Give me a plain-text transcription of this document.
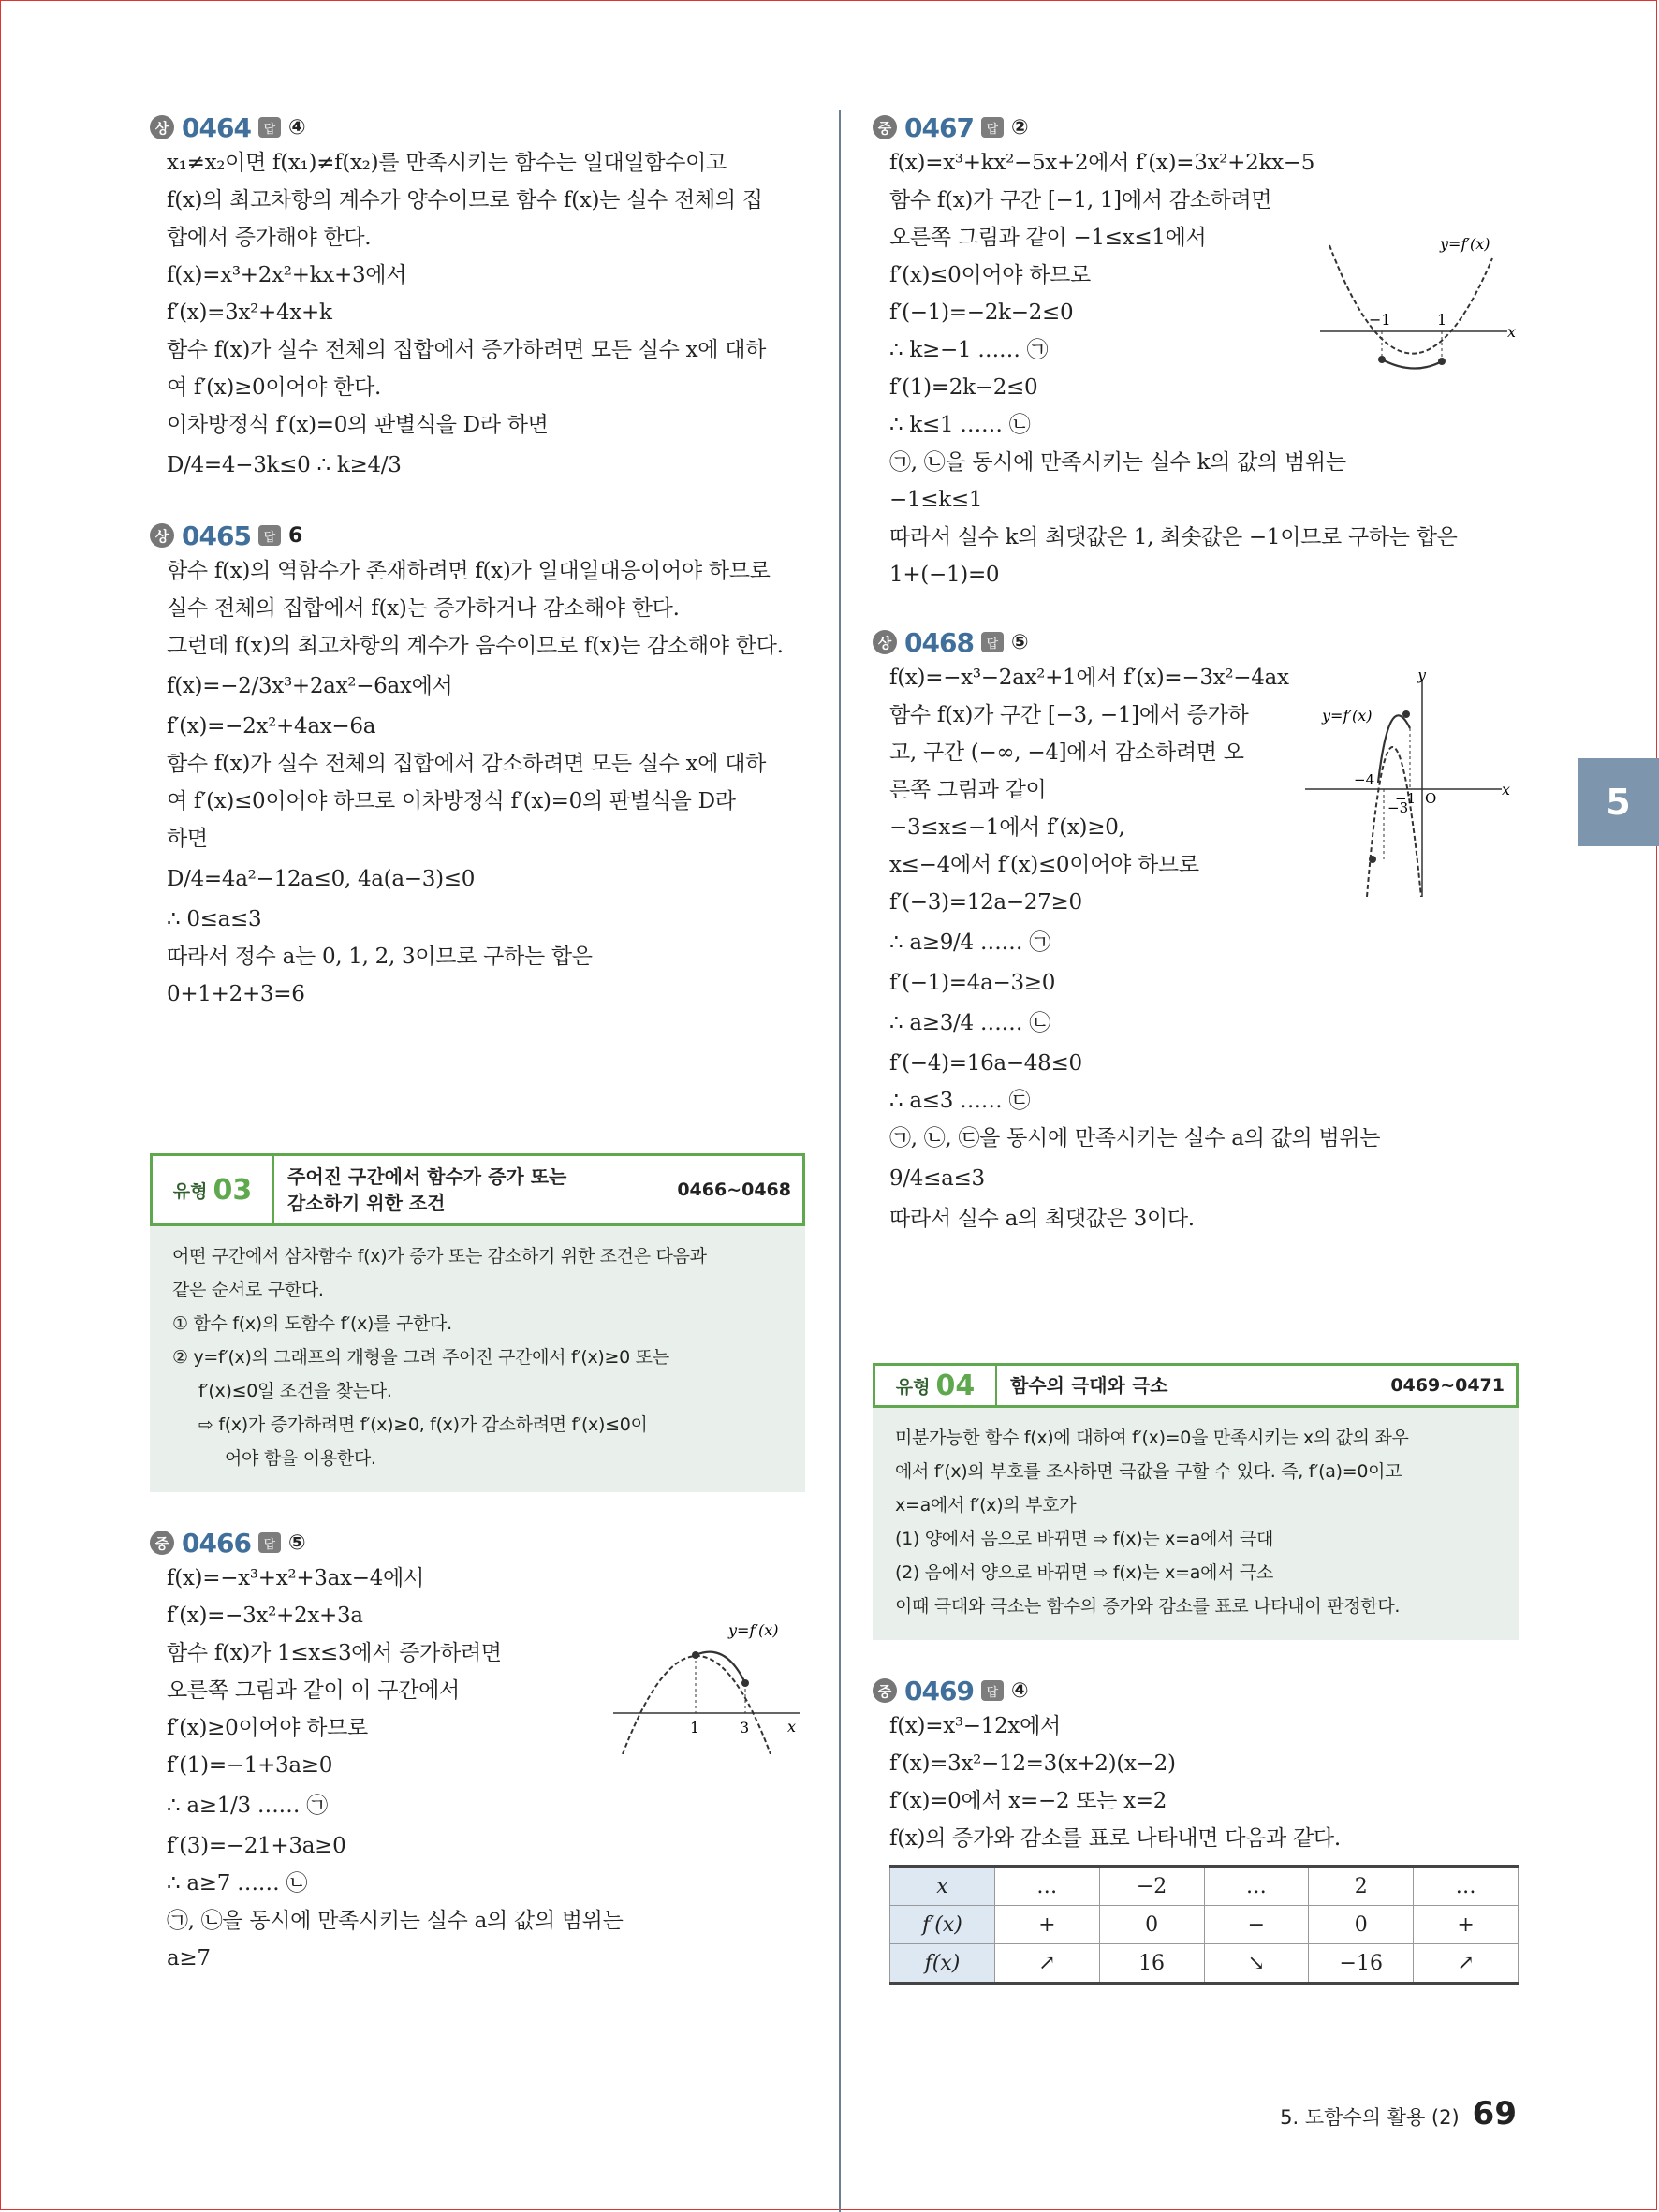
상 0464	답 ④
x₁≠x₂이면 f(x₁)≠f(x₂)를 만족시키는 함수는 일대일함수이고
f(x)의 최고차항의 계수가 양수이므로 함수 f(x)는 실수 전체의 집
합에서 증가해야 한다.
f(x)=x³+2x²+kx+3에서
f′(x)=3x²+4x+k
함수 f(x)가 실수 전체의 집합에서 증가하려면 모든 실수 x에 대하
여 f′(x)≥0이어야 한다.
이차방정식 f′(x)=0의 판별식을 D라 하면
D/4=4−3k≤0 ∴ k≥4/3
상 0465	답 6
함수 f(x)의 역함수가 존재하려면 f(x)가 일대일대응이어야 하므로
실수 전체의 집합에서 f(x)는 증가하거나 감소해야 한다.
그런데 f(x)의 최고차항의 계수가 음수이므로 f(x)는 감소해야 한다.
f(x)=−2/3x³+2ax²−6ax에서
f′(x)=−2x²+4ax−6a
함수 f(x)가 실수 전체의 집합에서 감소하려면 모든 실수 x에 대하
여 f′(x)≤0이어야 하므로 이차방정식 f′(x)=0의 판별식을 D라
하면
D/4=4a²−12a≤0, 4a(a−3)≤0
∴ 0≤a≤3
따라서 정수 a는 0, 1, 2, 3이므로 구하는 합은
0+1+2+3=6
유형 03 주어진 구간에서 함수가 증가 또는
감소하기 위한 조건
0466~0468
어떤 구간에서 삼차함수 f(x)가 증가 또는 감소하기 위한 조건은 다음과
같은 순서로 구한다.
① 함수 f(x)의 도함수 f′(x)를 구한다.
② y=f′(x)의 그래프의 개형을 그려 주어진 구간에서 f′(x)≥0 또는
f′(x)≤0일 조건을 찾는다.
⇨ f(x)가 증가하려면 f′(x)≥0, f(x)가 감소하려면 f′(x)≤0이
어야 함을 이용한다.
중 0466	답 ⑤
f(x)=−x³+x²+3ax−4에서
f′(x)=−3x²+2x+3a
함수 f(x)가 1≤x≤3에서 증가하려면
오른쪽 그림과 같이 이 구간에서
f′(x)≥0이어야 하므로
f′(1)=−1+3a≥0
∴ a≥1/3 …… ㉠
f′(3)=−21+3a≥0
∴ a≥7 …… ㉡
㉠, ㉡을 동시에 만족시키는 실수 a의 값의 범위는
a≥7
y=f′(x)
1	3	x
중 0467	답 ②
f(x)=x³+kx²−5x+2에서 f′(x)=3x²+2kx−5
함수 f(x)가 구간 [−1, 1]에서 감소하려면
오른쪽 그림과 같이 −1≤x≤1에서
f′(x)≤0이어야 하므로
f′(−1)=−2k−2≤0
∴ k≥−1 …… ㉠
f′(1)=2k−2≤0
∴ k≤1 …… ㉡
㉠, ㉡을 동시에 만족시키는 실수 k의 값의 범위는
−1≤k≤1
따라서 실수 k의 최댓값은 1, 최솟값은 −1이므로 구하는 합은
1+(−1)=0
y=f′(x)
−1	1
x
상 0468	답 ⑤
f(x)=−x³−2ax²+1에서 f′(x)=−3x²−4ax
함수 f(x)가 구간 [−3, −1]에서 증가하
고, 구간 (−∞, −4]에서 감소하려면 오
른쪽 그림과 같이
−3≤x≤−1에서 f′(x)≥0,
x≤−4에서 f′(x)≤0이어야 하므로
f′(−3)=12a−27≥0
∴ a≥9/4 …… ㉠
f′(−1)=4a−3≥0
∴ a≥3/4 …… ㉡
f′(−4)=16a−48≤0
∴ a≤3 …… ㉢
㉠, ㉡, ㉢을 동시에 만족시키는 실수 a의 값의 범위는
9/4≤a≤3
따라서 실수 a의 최댓값은 3이다.
y=f′(x)
−4
−1 O
−3
x
y
유형 04	함수의 극대와 극소	0469~0471
미분가능한 함수 f(x)에 대하여 f′(x)=0을 만족시키는 x의 값의 좌우
에서 f′(x)의 부호를 조사하면 극값을 구할 수 있다. 즉, f′(a)=0이고
x=a에서 f′(x)의 부호가
(1) 양에서 음으로 바뀌면 ⇨ f(x)는 x=a에서 극대
(2) 음에서 양으로 바뀌면 ⇨ f(x)는 x=a에서 극소
이때 극대와 극소는 함수의 증가와 감소를 표로 나타내어 판정한다.
중 0469	답 ④
f(x)=x³−12x에서
f′(x)=3x²−12=3(x+2)(x−2)
f′(x)=0에서 x=−2 또는 x=2
f(x)의 증가와 감소를 표로 나타내면 다음과 같다.
x	…	−2	…	2	…
f′(x)	+	0	−	0	+
f(x)	↗	16	↘	−16	↗
5
5. 도함수의 활용 (2) 69
